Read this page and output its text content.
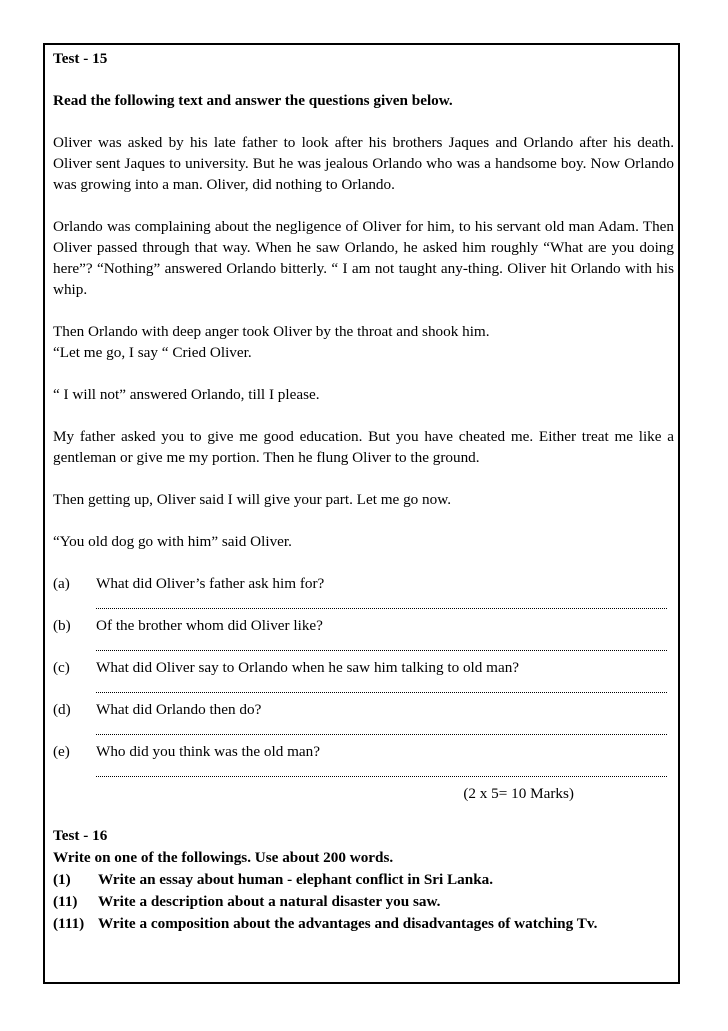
Test - 15

Read the following text and answer the questions given below.

Oliver was asked by his late father to look after his brothers Jaques and Orlando after his death. Oliver sent Jaques to university. But he was jealous Orlando who was a handsome boy. Now Orlando was growing into a man. Oliver, did nothing to Orlando.

Orlando was complaining about the negligence of Oliver for him, to his servant old man Adam. Then Oliver passed through that way. When he saw Orlando, he asked him roughly “What are you doing here”? “Nothing” answered Orlando bitterly. “ I am not taught any-thing. Oliver hit Orlando with his whip.

Then Orlando with deep anger took Oliver by the throat and shook him.

“Let me go, I say “ Cried Oliver.

“ I will not” answered Orlando, till I please.

My father asked you to give me good education. But you have cheated me. Either treat me like a gentleman or give me my portion. Then he flung Oliver to the ground.

Then getting up, Oliver said I will give your part. Let me go now.

“You old dog go with him” said Oliver.

(a)	What did Oliver’s father ask him for?
(b)	Of the brother whom did Oliver like?
(c)	What did Oliver say to Orlando when he saw him talking to old man?
(d)	What did Orlando then do?
(e)	Who did you think was the old man?
(2 x 5= 10 Marks)
Test - 16
Write on one of the followings. Use about 200 words.
(1)	Write an essay about human - elephant conflict in Sri Lanka.
(11)	Write a description about a natural disaster you saw.
(111) Write a composition about the advantages and disadvantages of watching Tv.
